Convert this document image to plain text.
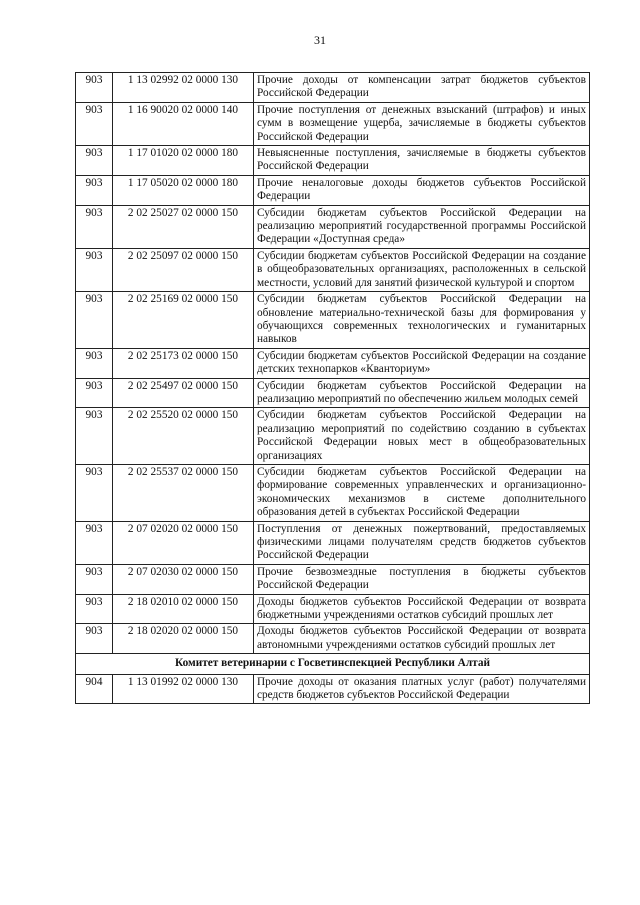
31
903	1 13 02992 02 0000 130	Прочие доходы от компенсации затрат бюджетов субъектов Российской Федерации
903	1 16 90020 02 0000 140	Прочие поступления от денежных взысканий (штрафов) и иных сумм в возмещение ущерба, зачисляемые в бюджеты субъектов Российской Федерации
903	1 17 01020 02 0000 180	Невыясненные поступления, зачисляемые в бюджеты субъектов Российской Федерации
903	1 17 05020 02 0000 180	Прочие неналоговые доходы бюджетов субъектов Российской Федерации
903	2 02 25027 02 0000 150	Субсидии бюджетам субъектов Российской Федерации на реализацию мероприятий государственной программы Российской Федерации «Доступная среда»
903	2 02 25097 02 0000 150	Субсидии бюджетам субъектов Российской Федерации на создание в общеобразовательных организациях, расположенных в сельской местности, условий для занятий физической культурой и спортом
903	2 02 25169 02 0000 150	Субсидии бюджетам субъектов Российской Федерации на обновление материально-технической базы для формирования у обучающихся современных технологических и гуманитарных навыков
903	2 02 25173 02 0000 150	Субсидии бюджетам субъектов Российской Федерации на создание детских технопарков «Кванториум»
903	2 02 25497 02 0000 150	Субсидии бюджетам субъектов Российской Федерации на реализацию мероприятий по обеспечению жильем молодых семей
903	2 02 25520 02 0000 150	Субсидии бюджетам субъектов Российской Федерации на реализацию мероприятий по содействию созданию в субъектах Российской Федерации новых мест в общеобразовательных организациях
903	2 02 25537 02 0000 150	Субсидии бюджетам субъектов Российской Федерации на формирование современных управленческих и организационно-экономических механизмов в системе дополнительного образования детей в субъектах Российской Федерации
903	2 07 02020 02 0000 150	Поступления от денежных пожертвований, предоставляемых физическими лицами получателям средств бюджетов субъектов Российской Федерации
903	2 07 02030 02 0000 150	Прочие безвозмездные поступления в бюджеты субъектов Российской Федерации
903	2 18 02010 02 0000 150	Доходы бюджетов субъектов Российской Федерации от возврата бюджетными учреждениями остатков субсидий прошлых лет
903	2 18 02020 02 0000 150	Доходы бюджетов субъектов Российской Федерации от возврата автономными учреждениями остатков субсидий прошлых лет
Комитет ветеринарии с Госветинспекцией Республики Алтай		
904	1 13 01992 02 0000 130	Прочие доходы от оказания платных услуг (работ) получателями средств бюджетов субъектов Российской Федерации
